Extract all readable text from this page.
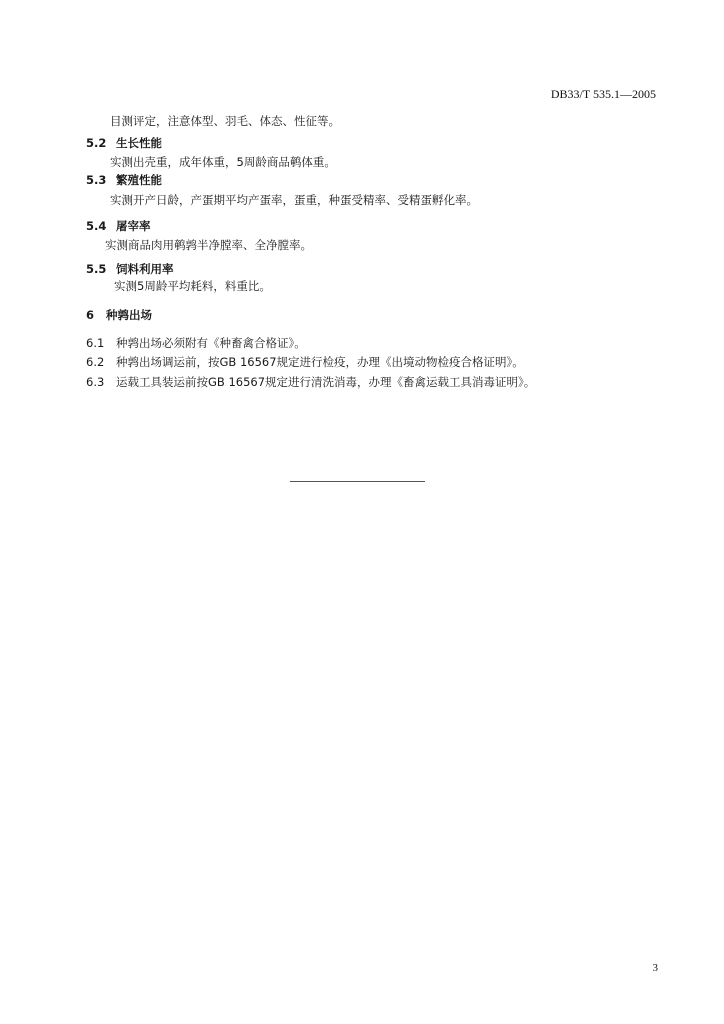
DB33/T 535.1—2005
目测评定，注意体型、羽毛、体态、性征等。
5.2 生长性能
实测出壳重，成年体重，5周龄商品鹌体重。
5.3 繁殖性能
实测开产日龄，产蛋期平均产蛋率，蛋重，种蛋受精率、受精蛋孵化率。
5.4 屠宰率
实测商品肉用鹌鹑半净膛率、全净膛率。
5.5 饲料利用率
实测5周龄平均耗料，料重比。
6 种鹑出场
6.1 种鹑出场必须附有《种畜禽合格证》。
6.2 种鹑出场调运前，按GB 16567规定进行检疫，办理《出境动物检疫合格证明》。
6.3 运载工具装运前按GB 16567规定进行清洗消毒，办理《畜禽运载工具消毒证明》。
3
